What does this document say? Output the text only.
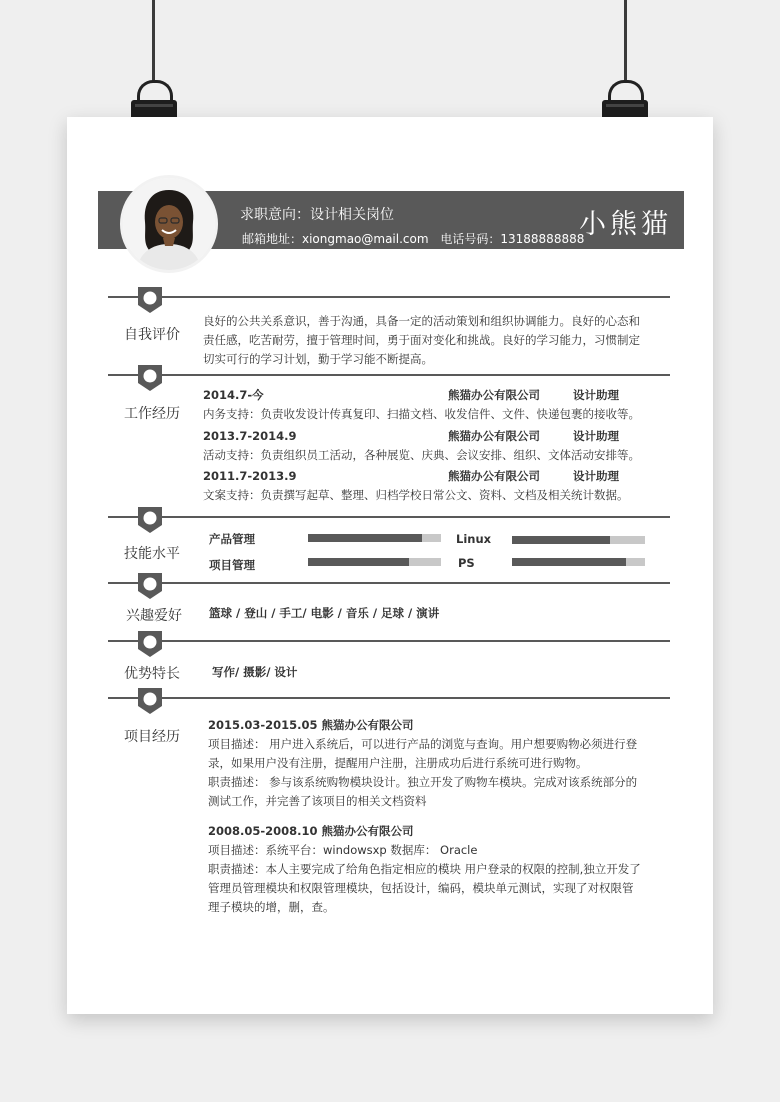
求职意向：设计相关岗位
邮箱地址：xiongmao@mail.com 电话号码：13188888888
小熊猫
自我评价
良好的公共关系意识，善于沟通，具备一定的活动策划和组织协调能力。良好的心态和
责任感，吃苦耐劳，擅于管理时间，勇于面对变化和挑战。良好的学习能力，习惯制定
切实可行的学习计划，勤于学习能不断提高。
工作经历
2014.7-今	熊猫办公有限公司	设计助理
内务支持：负责收发设计传真复印、扫描文档、收发信件、文件、快递包裹的接收等。
2013.7-2014.9	熊猫办公有限公司	设计助理
活动支持：负责组织员工活动，各种展览、庆典、会议安排、组织、文体活动安排等。
2011.7-2013.9	熊猫办公有限公司	设计助理
文案支持：负责撰写起草、整理、归档学校日常公文、资料、文档及相关统计数据。
技能水平
产品管理	Linux
项目管理	PS
兴趣爱好 篮球 / 登山 / 手工/ 电影 / 音乐 / 足球 / 演讲
优势特长	写作/ 摄影/ 设计
项目经历
2015.03-2015.05 熊猫办公有限公司
项目描述： 用户进入系统后，可以进行产品的浏览与查询。用户想要购物必须进行登
录，如果用户没有注册，提醒用户注册，注册成功后进行系统可进行购物。
职责描述： 参与该系统购物模块设计。独立开发了购物车模块。完成对该系统部分的
测试工作，并完善了该项目的相关文档资料
2008.05-2008.10 熊猫办公有限公司
项目描述：系统平台：windowsxp 数据库： Oracle
职责描述：本人主要完成了给角色指定相应的模块 用户登录的权限的控制,独立开发了
管理员管理模块和权限管理模块，包括设计，编码，模块单元测试，实现了对权限管
理子模块的增，删，查。
